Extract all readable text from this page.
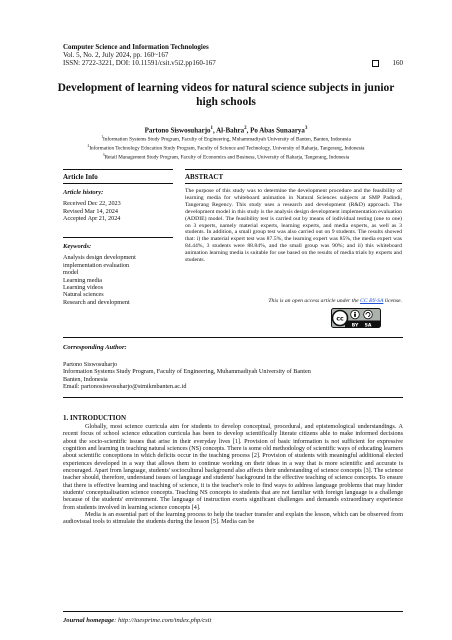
Computer Science and Information Technologies
Vol. 5, No. 2, July 2024, pp. 160~167
ISSN: 2722-3221, DOI: 10.11591/csit.v5i2.pp160-167	160
Development of learning videos for natural science subjects in junior high schools
Partono Siswosuharjo$^1$, Al-Bahra$^2$, Po Abas Sunaarya$^3$
$^1$Information Systems Study Program, Faculty of Engineering, Muhammadiyah University of Banten, Banten, Indonesia
$^2$Information Technology Education Study Program, Faculty of Science and Technology, University of Raharja, Tangerang, Indonesia
$^3$Retail Management Study Program, Faculty of Economics and Business, University of Raharja, Tangerang, Indonesia
Article Info	ABSTRACT
Article history:
Received Dec 22, 2023
Revised Mar 14, 2024
Accepted Apr 21, 2024
Keywords:
Analysis design development
implementation evaluation
model
Learning media
Learning videos
Natural sciences
Research and development
The purpose of this study was to determine the development procedure and the feasibility of learning media for whiteboard animation in Natural Sciences subjects at SMP Padindi, Tangerang Regency. This study uses a research and development (R&D) approach. The development model in this study is the analysis design development implementation evaluation (ADDIE) model. The feasibility test is carried out by means of individual testing (one to one) on 3 experts, namely material experts, learning experts, and media experts, as well as 3 students. In addition, a small group test was also carried out on 9 students. The results showed that: i) the material expert test was 87.5%, the learning expert was 85%, the media expert was 84.44%, 3 students were 88.84%, and the small group was 90%; and ii) this whiteboard animation learning media is suitable for use based on the results of media trials by experts and students.
This is an open access article under the CC BY-SA license.
cc
BY SA
Corresponding Author:
Partono Siswosuharjo
Information Systems Study Program, Faculty of Engineering, Muhammadiyah University of Banten
Banten, Indonesia
Email: partonosiswosuharjo@stmikmbanten.ac.id
1. INTRODUCTION

Globally, most science curricula aim for students to develop conceptual, procedural, and epistemological understandings. A recent focus of school science education curricula has been to develop scientifically literate citizens able to make informed decisions about the socio-scientific issues that arise in their everyday lives [1]. Provision of basic information is not sufficient for expressive cognition and learning in teaching natural sciences (NS) concepts. There is some old methodology of scientific ways of educating learners about scientific conceptions in which deficits occur in the teaching process [2]. Provision of students with meaningful additional elected experiences developed in a way that allows them to continue working on their ideas in a way that is more scientific and accurate is encouraged. Apart from language, students' sociocultural background also affects their understanding of science concepts [3]. The science teacher should, therefore, understand issues of language and students' background in the effective teaching of science concepts. To ensure that there is effective learning and teaching of science, it is the teacher's role to find ways to address language problems that may hinder students' conceptualisation science concepts. Teaching NS concepts to students that are not familiar with foreign language is a challenge because of the students' environment. The language of instruction exerts significant challenges and demands extraordinary experience from students involved in learning science concepts [4].

Media is an essential part of the learning process to help the teacher transfer and explain the lesson, which can be observed from audiovisual tools to stimulate the students during the lesson [5]. Media can be

Journal homepage: http://iaesprime.com/index.php/csit
